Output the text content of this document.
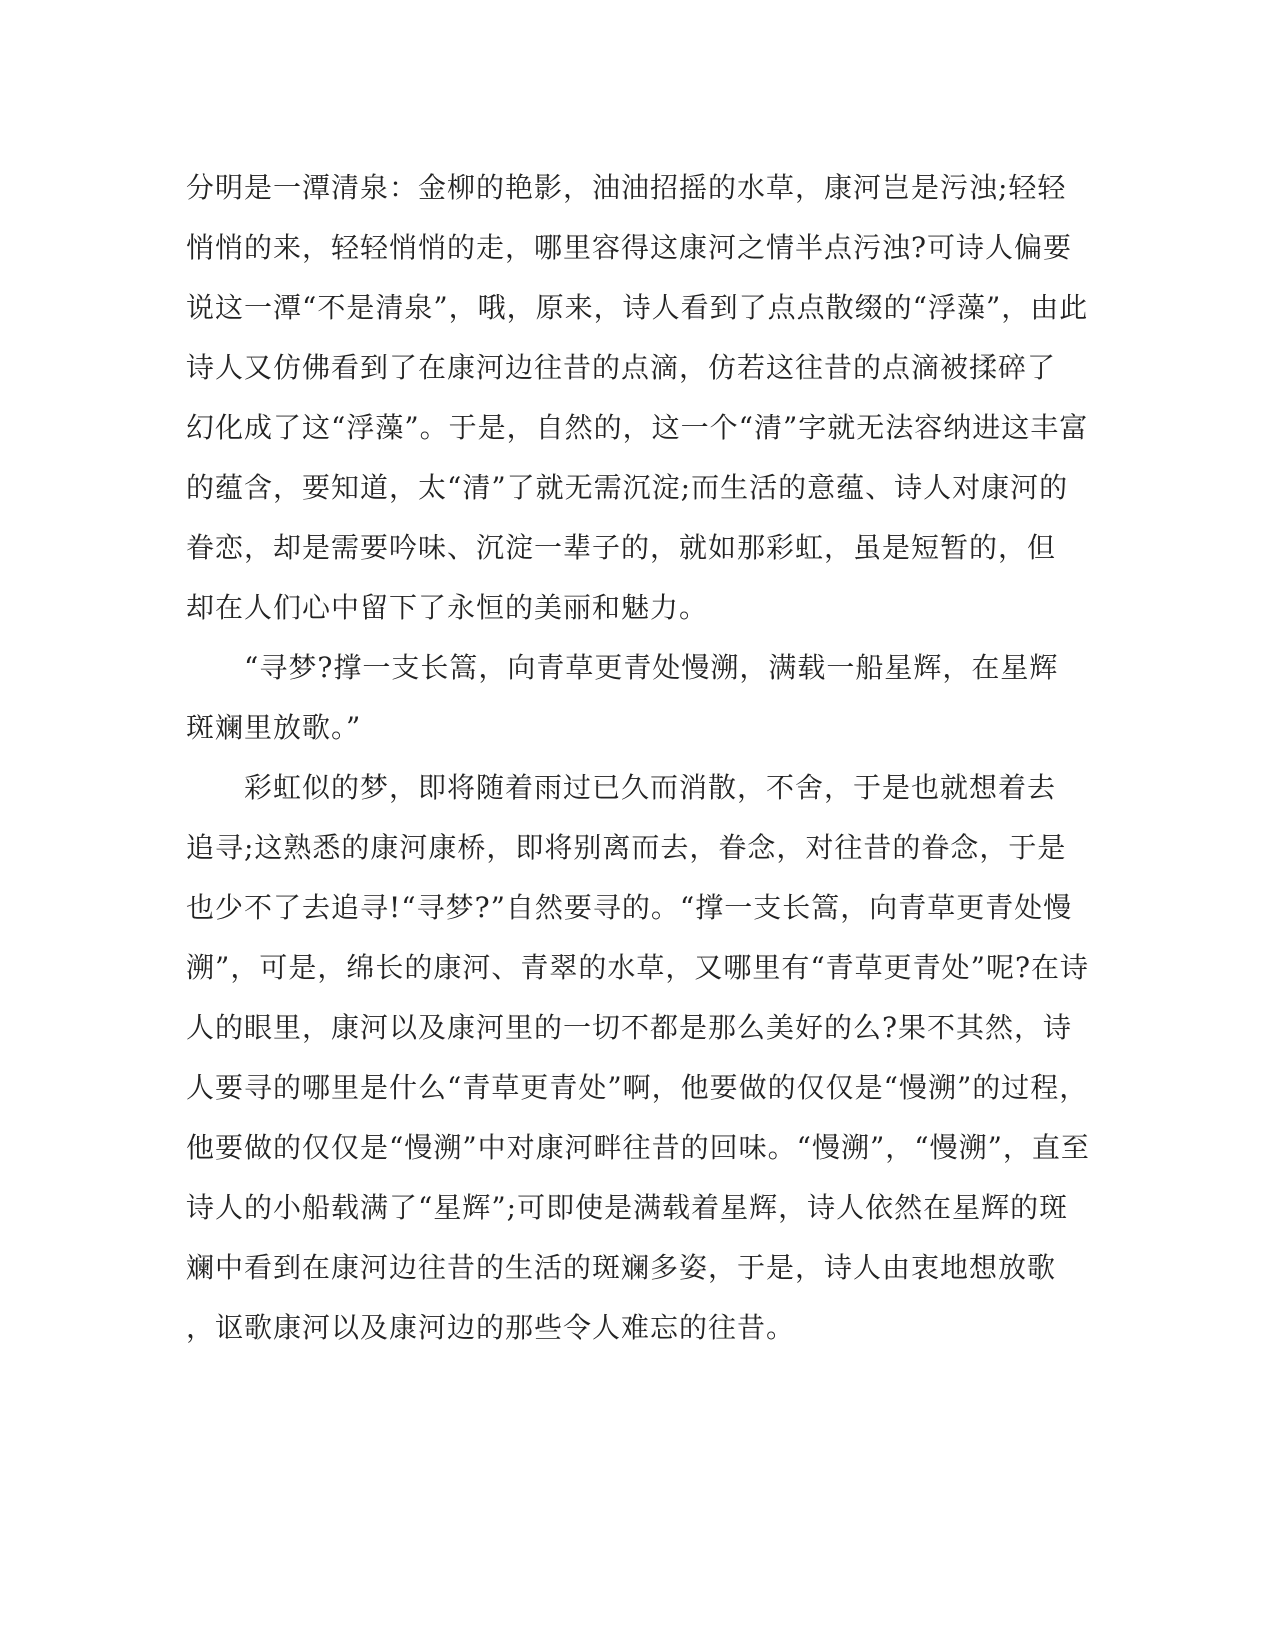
分明是一潭清泉：金柳的艳影，油油招摇的水草，康河岂是污浊;轻轻
悄悄的来，轻轻悄悄的走，哪里容得这康河之情半点污浊?可诗人偏要
说这一潭“不是清泉”，哦，原来，诗人看到了点点散缀的“浮藻”，由此
诗人又仿佛看到了在康河边往昔的点滴，仿若这往昔的点滴被揉碎了
幻化成了这“浮藻”。于是，自然的，这一个“清”字就无法容纳进这丰富
的蕴含，要知道，太“清”了就无需沉淀;而生活的意蕴、诗人对康河的
眷恋，却是需要吟味、沉淀一辈子的，就如那彩虹，虽是短暂的，但
却在人们心中留下了永恒的美丽和魅力。
　　“寻梦?撑一支长篙，向青草更青处慢溯，满载一船星辉，在星辉
斑斓里放歌。”
　　彩虹似的梦，即将随着雨过已久而消散，不舍，于是也就想着去
追寻;这熟悉的康河康桥，即将别离而去，眷念，对往昔的眷念，于是
也少不了去追寻!“寻梦?”自然要寻的。“撑一支长篙，向青草更青处慢
溯”，可是，绵长的康河、青翠的水草，又哪里有“青草更青处”呢?在诗
人的眼里，康河以及康河里的一切不都是那么美好的么?果不其然，诗
人要寻的哪里是什么“青草更青处”啊，他要做的仅仅是“慢溯”的过程，
他要做的仅仅是“慢溯”中对康河畔往昔的回味。“慢溯”，“慢溯”，直至
诗人的小船载满了“星辉”;可即使是满载着星辉，诗人依然在星辉的斑
斓中看到在康河边往昔的生活的斑斓多姿，于是，诗人由衷地想放歌
，讴歌康河以及康河边的那些令人难忘的往昔。
